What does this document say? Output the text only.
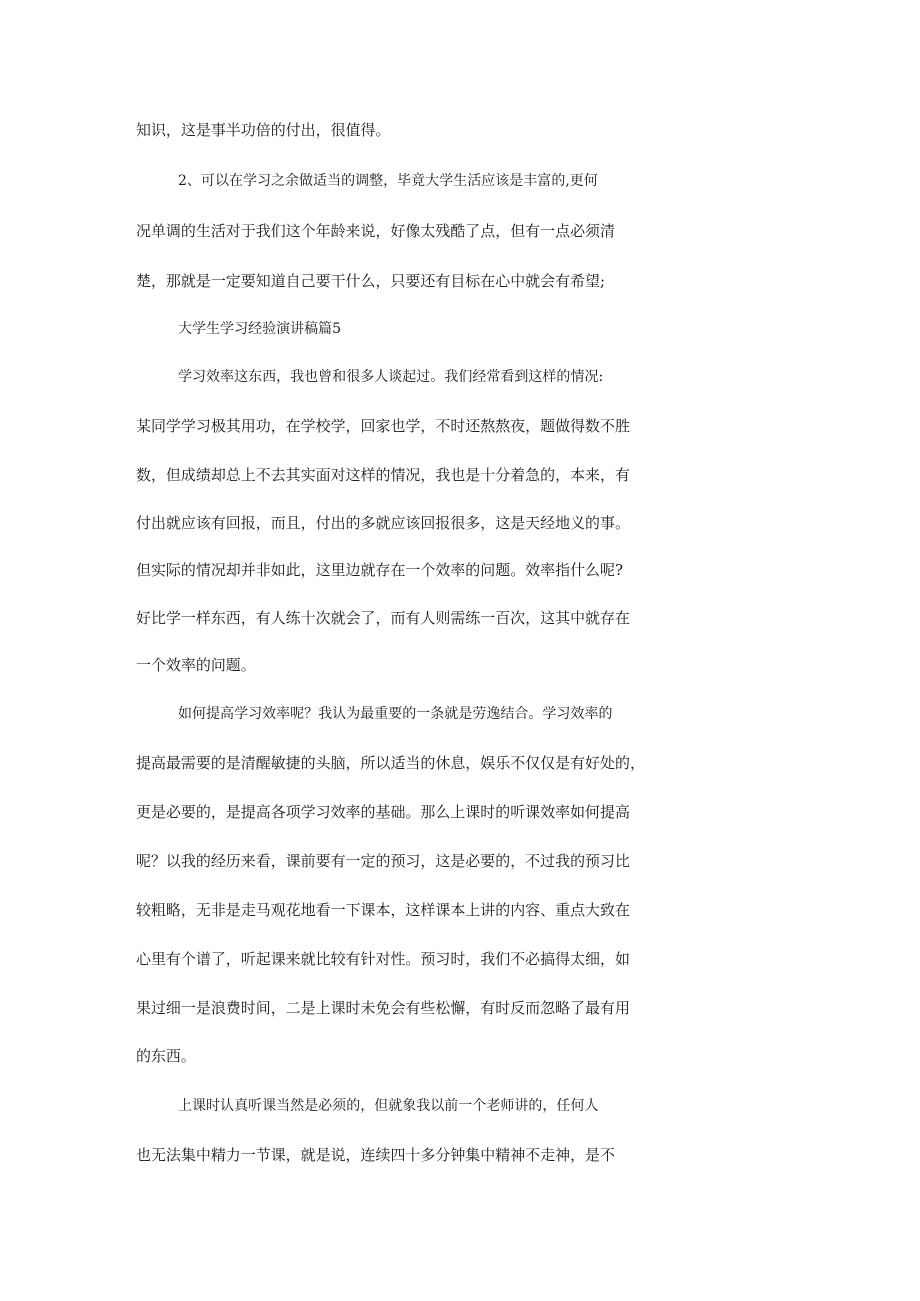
知识，这是事半功倍的付出，很值得。
2、可以在学习之余做适当的调整，毕竟大学生活应该是丰富的,更何
况单调的生活对于我们这个年龄来说，好像太残酷了点，但有一点必须清
楚，那就是一定要知道自己要干什么，只要还有目标在心中就会有希望;
大学生学习经验演讲稿篇5
学习效率这东西，我也曾和很多人谈起过。我们经常看到这样的情况:
某同学学习极其用功，在学校学，回家也学，不时还熬熬夜，题做得数不胜
数，但成绩却总上不去其实面对这样的情况，我也是十分着急的，本来，有
付出就应该有回报，而且，付出的多就应该回报很多，这是天经地义的事。
但实际的情况却并非如此，这里边就存在一个效率的问题。效率指什么呢?
好比学一样东西，有人练十次就会了，而有人则需练一百次，这其中就存在
一个效率的问题。
如何提高学习效率呢？我认为最重要的一条就是劳逸结合。学习效率的
提高最需要的是清醒敏捷的头脑，所以适当的休息，娱乐不仅仅是有好处的，
更是必要的，是提高各项学习效率的基础。那么上课时的听课效率如何提高
呢？以我的经历来看，课前要有一定的预习，这是必要的，不过我的预习比
较粗略，无非是走马观花地看一下课本，这样课本上讲的内容、重点大致在
心里有个谱了，听起课来就比较有针对性。预习时，我们不必搞得太细，如
果过细一是浪费时间，二是上课时未免会有些松懈，有时反而忽略了最有用
的东西。
上课时认真听课当然是必须的，但就象我以前一个老师讲的，任何人
也无法集中精力一节课，就是说，连续四十多分钟集中精神不走神，是不
